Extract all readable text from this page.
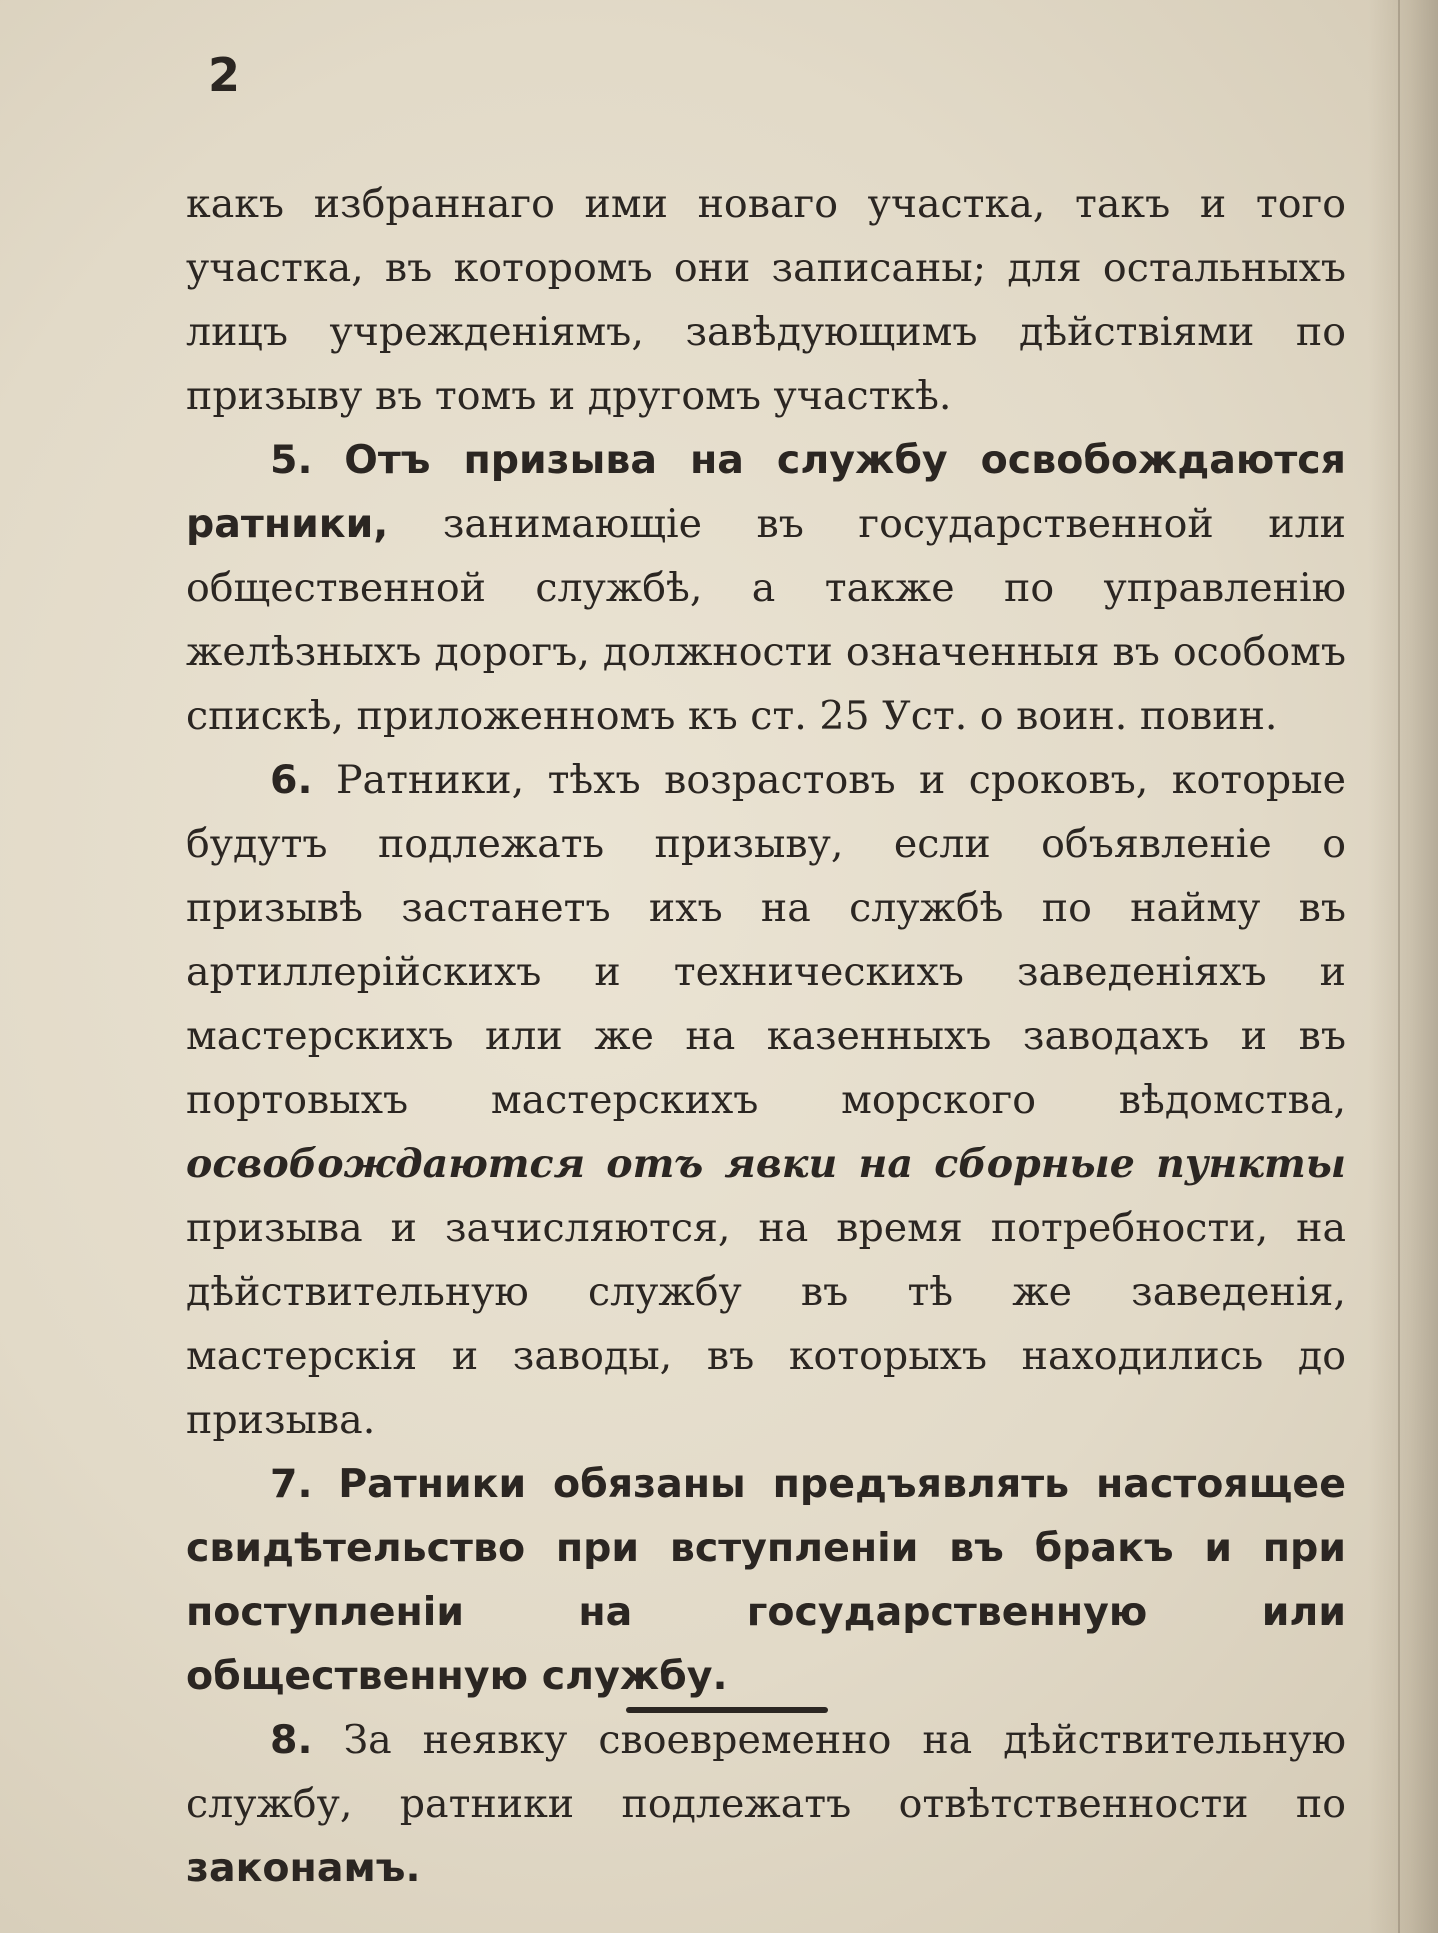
2

какъ избраннаго ими новаго участка, такъ и того участка, въ которомъ они записаны; для остальныхъ лицъ учрежденiямъ, завѣдующимъ дѣйствiями по призыву въ томъ и другомъ участкѣ.

5. Отъ призыва на службу освобождаются ратники, занимающiе въ государственной или общественной службѣ, а также по управленiю желѣзныхъ дорогъ, должности означенныя въ особомъ спискѣ, приложенномъ къ ст. 25 Уст. о воин. повин.

6. Ратники, тѣхъ возрастовъ и сроковъ, которые будутъ подлежать призыву, если объявленiе о призывѣ застанетъ ихъ на службѣ по найму въ артиллерiйскихъ и техническихъ заведенiяхъ и мастерскихъ или же на казенныхъ заводахъ и въ портовыхъ мастерскихъ морского вѣдомства, освобождаются отъ явки на сборные пункты призыва и зачисляются, на время потребности, на дѣйствительную службу въ тѣ же заведенiя, мастерскiя и заводы, въ которыхъ находились до призыва.

7. Ратники обязаны предъявлять настоящее свидѣтельство при вступленiи въ бракъ и при поступленiи на государственную или общественную службу.

8. За неявку своевременно на дѣйствительную службу, ратники подлежатъ отвѣтственности по законамъ.
